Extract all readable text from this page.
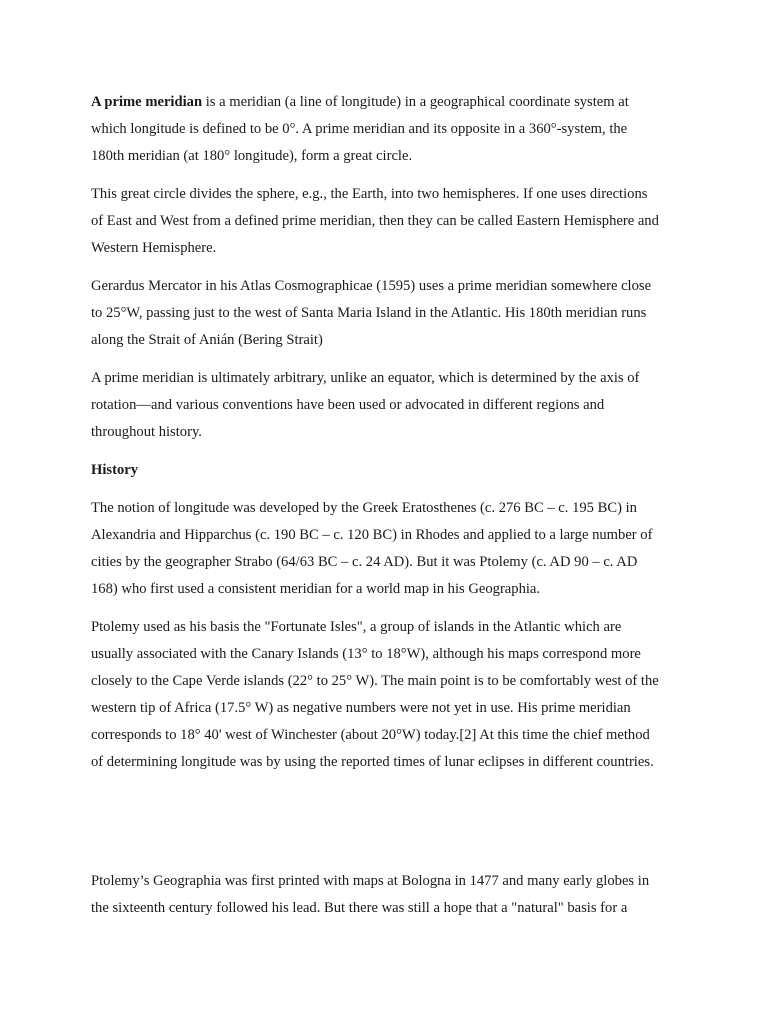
A prime meridian is a meridian (a line of longitude) in a geographical coordinate system at
which longitude is defined to be 0°. A prime meridian and its opposite in a 360°-system, the
180th meridian (at 180° longitude), form a great circle.

This great circle divides the sphere, e.g., the Earth, into two hemispheres. If one uses directions
of East and West from a defined prime meridian, then they can be called Eastern Hemisphere and
Western Hemisphere.

Gerardus Mercator in his Atlas Cosmographicae (1595) uses a prime meridian somewhere close
to 25°W, passing just to the west of Santa Maria Island in the Atlantic. His 180th meridian runs
along the Strait of Anián (Bering Strait)

A prime meridian is ultimately arbitrary, unlike an equator, which is determined by the axis of
rotation—and various conventions have been used or advocated in different regions and
throughout history.

History

The notion of longitude was developed by the Greek Eratosthenes (c. 276 BC – c. 195 BC) in
Alexandria and Hipparchus (c. 190 BC – c. 120 BC) in Rhodes and applied to a large number of
cities by the geographer Strabo (64/63 BC – c. 24 AD). But it was Ptolemy (c. AD 90 – c. AD
168) who first used a consistent meridian for a world map in his Geographia.

Ptolemy used as his basis the "Fortunate Isles", a group of islands in the Atlantic which are
usually associated with the Canary Islands (13° to 18°W), although his maps correspond more
closely to the Cape Verde islands (22° to 25° W). The main point is to be comfortably west of the
western tip of Africa (17.5° W) as negative numbers were not yet in use. His prime meridian
corresponds to 18° 40' west of Winchester (about 20°W) today.[2] At this time the chief method
of determining longitude was by using the reported times of lunar eclipses in different countries.

Ptolemy’s Geographia was first printed with maps at Bologna in 1477 and many early globes in
the sixteenth century followed his lead. But there was still a hope that a "natural" basis for a
